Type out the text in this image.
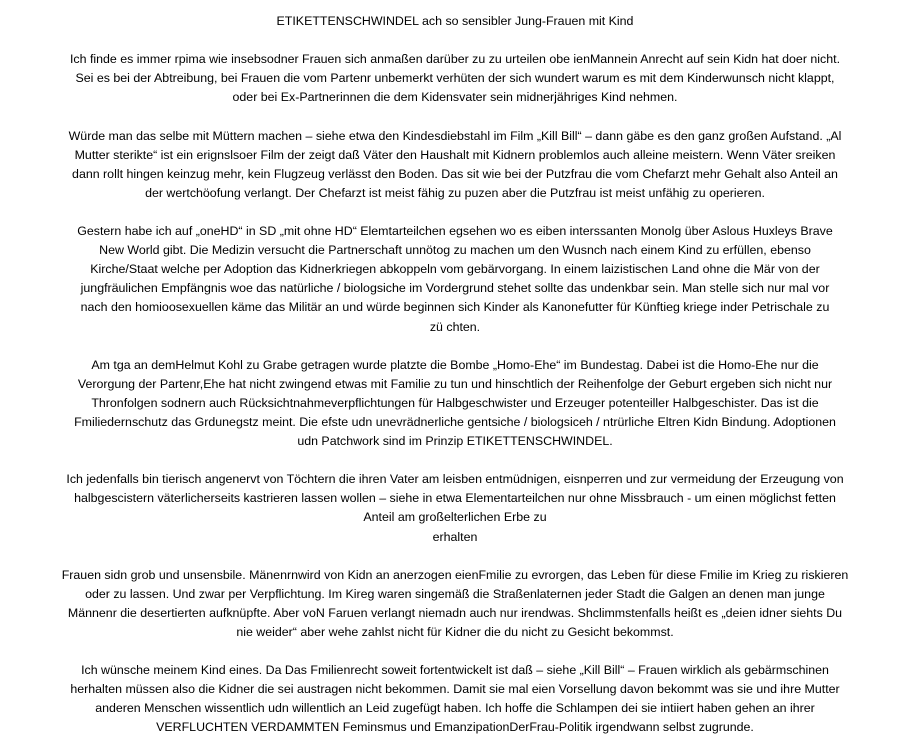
ETIKETTENSCHWINDEL ach so sensibler Jung-Frauen mit Kind
Ich finde es immer rpima wie insebsodner Frauen sich anmaßen darüber zu zu urteilen obe ienMannein Anrecht auf sein Kidn hat doer nicht.
Sei es bei der Abtreibung, bei Frauen die vom Partenr unbemerkt verhüten der sich wundert warum es mit dem Kinderwunsch nicht klappt,
oder bei Ex-Partnerinnen die dem Kidensvater sein midnerjähriges Kind nehmen.
Würde man das selbe mit Müttern machen – siehe etwa den Kindesdiebstahl im Film „Kill Bill“ – dann gäbe es den ganz großen Aufstand. „Al
Mutter sterikte“ ist ein erignslsoer Film der zeigt daß Väter den Haushalt mit Kidnern problemlos auch alleine meistern. Wenn Väter sreiken
dann rollt hingen keinzug mehr, kein Flugzeug verlässt den Boden. Das sit wie bei der Putzfrau die vom Chefarzt mehr Gehalt also Anteil an
der wertchöofung verlangt. Der Chefarzt ist meist fähig zu puzen aber die Putzfrau ist meist unfähig zu operieren.
Gestern habe ich auf „oneHD“ in SD „mit ohne HD“ Elemtarteilchen egsehen wo es eiben interssanten Monolg über Aslous Huxleys Brave
New World gibt. Die Medizin versucht die Partnerschaft unnötog zu machen um den Wusnch nach einem Kind zu erfüllen, ebenso
Kirche/Staat welche per Adoption das Kidnerkriegen abkoppeln vom gebärvorgang. In einem laizistischen Land ohne die Mär von der
jungfräulichen Empfängnis woe das natürliche / biologsiche im Vordergrund stehet sollte das undenkbar sein. Man stelle sich nur mal vor
nach den homioosexuellen käme das Militär an und würde beginnen sich Kinder als Kanonefutter für Künftieg kriege inder Petrischale zu
zü chten.
Am tga an demHelmut Kohl zu Grabe getragen wurde platzte die Bombe „Homo-Ehe“ im Bundestag. Dabei ist die Homo-Ehe nur die
Verorgung der Partenr,Ehe hat nicht zwingend etwas mit Familie zu tun und hinschtlich der Reihenfolge der Geburt ergeben sich nicht nur
Thronfolgen sodnern auch Rücksichtnahmeverpflichtungen für Halbgeschwister und Erzeuger potenteiller Halbgeschister. Das ist die
Fmiliedernschutz das Grdunegstz meint. Die efste udn unevrädnerliche gentsiche / biologsiceh / ntrürliche Eltren Kidn Bindung. Adoptionen
udn Patchwork sind im Prinzip ETIKETTENSCHWINDEL.
Ich jedenfalls bin tierisch angenervt von Töchtern die ihren Vater am leisben entmüdnigen, eisnperren und zur vermeidung der Erzeugung von
halbgescistern väterlicherseits kastrieren lassen wollen – siehe in etwa Elementarteilchen nur ohne Missbrauch - um einen möglichst fetten
Anteil am großelterlichen Erbe zu
erhalten
Frauen sidn grob und unsensbile. Mänenrnwird von Kidn an anerzogen eienFmilie zu evrorgen, das Leben für diese Fmilie im Krieg zu riskieren
oder zu lassen. Und zwar per Verpflichtung. Im Kireg waren singemäß die Straßenlaternen jeder Stadt die Galgen an denen man junge
Männenr die desertierten aufknüpfte. Aber voN Faruen verlangt niemadn auch nur irendwas. Shclimmstenfalls heißt es „deien idner siehts Du
nie weider“ aber wehe zahlst nicht für Kidner die du nicht zu Gesicht bekommst.
Ich wünsche meinem Kind eines. Da Das Fmilienrecht soweit fortentwickelt ist daß – siehe „Kill Bill“ – Frauen wirklich als gebärmschinen
herhalten müssen also die Kidner die sei austragen nicht bekommen. Damit sie mal eien Vorsellung davon bekommt was sie und ihre Mutter
anderen Menschen wissentlich udn willentlich an Leid zugefügt haben. Ich hoffe die Schlampen dei sie intiiert haben gehen an ihrer
VERFLUCHTEN VERDAMMTEN Feminsmus und EmanzipationDerFrau-Politik irgendwann selbst zugrunde.
